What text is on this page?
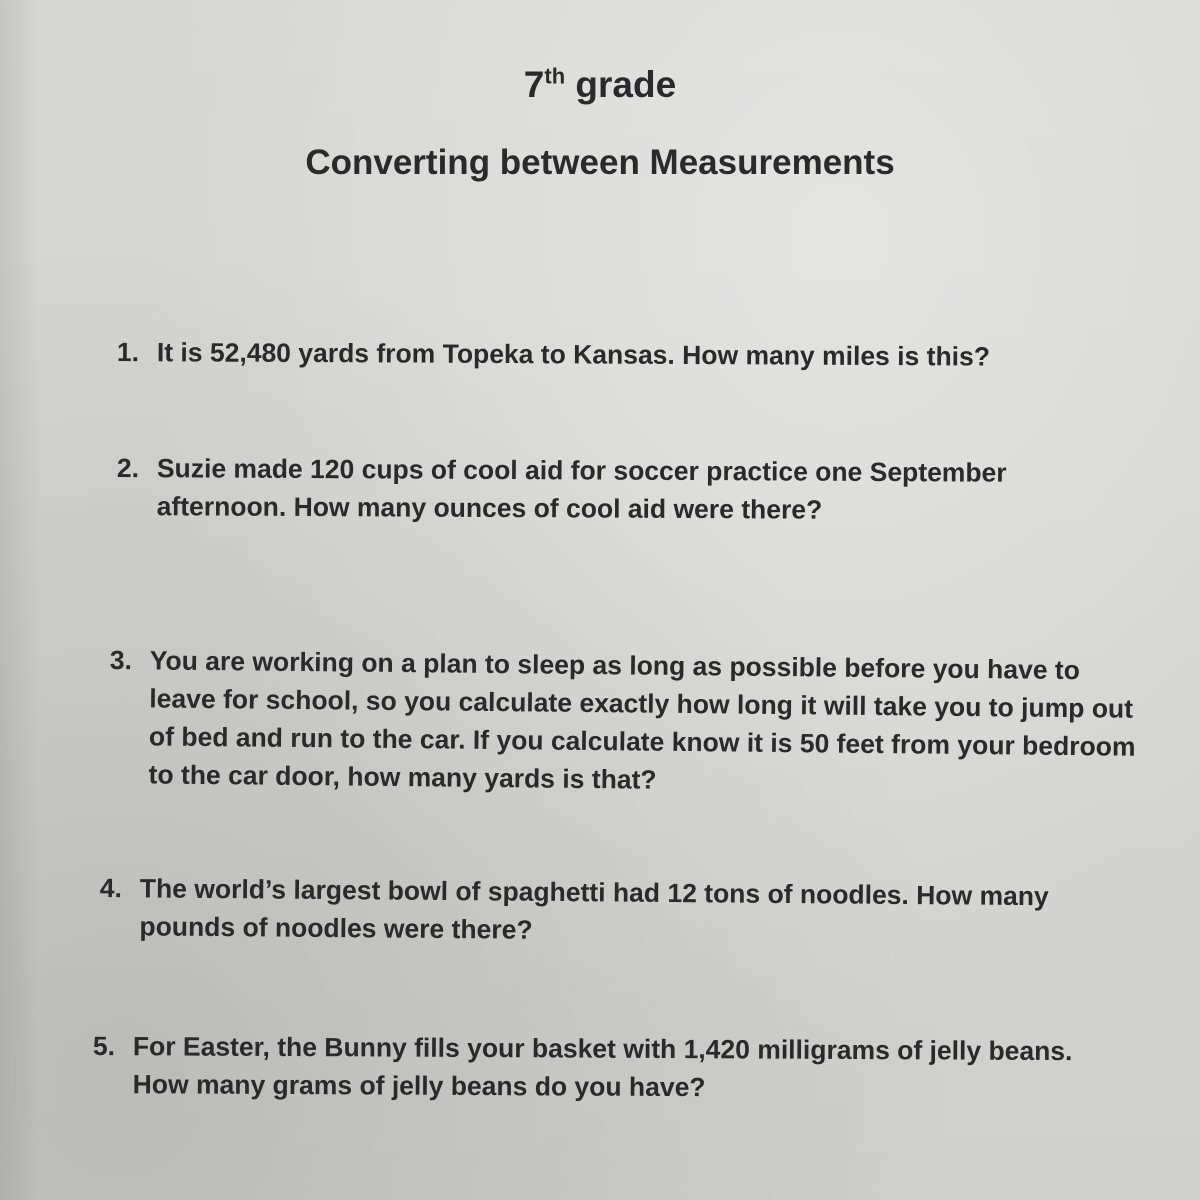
7th grade
Converting between Measurements
1. It is 52,480 yards from Topeka to Kansas. How many miles is this?
2. Suzie made 120 cups of cool aid for soccer practice one September afternoon. How many ounces of cool aid were there?
3. You are working on a plan to sleep as long as possible before you have to leave for school, so you calculate exactly how long it will take you to jump out of bed and run to the car. If you calculate know it is 50 feet from your bedroom to the car door, how many yards is that?
4. The world’s largest bowl of spaghetti had 12 tons of noodles. How many pounds of noodles were there?
5. For Easter, the Bunny fills your basket with 1,420 milligrams of jelly beans. How many grams of jelly beans do you have?
